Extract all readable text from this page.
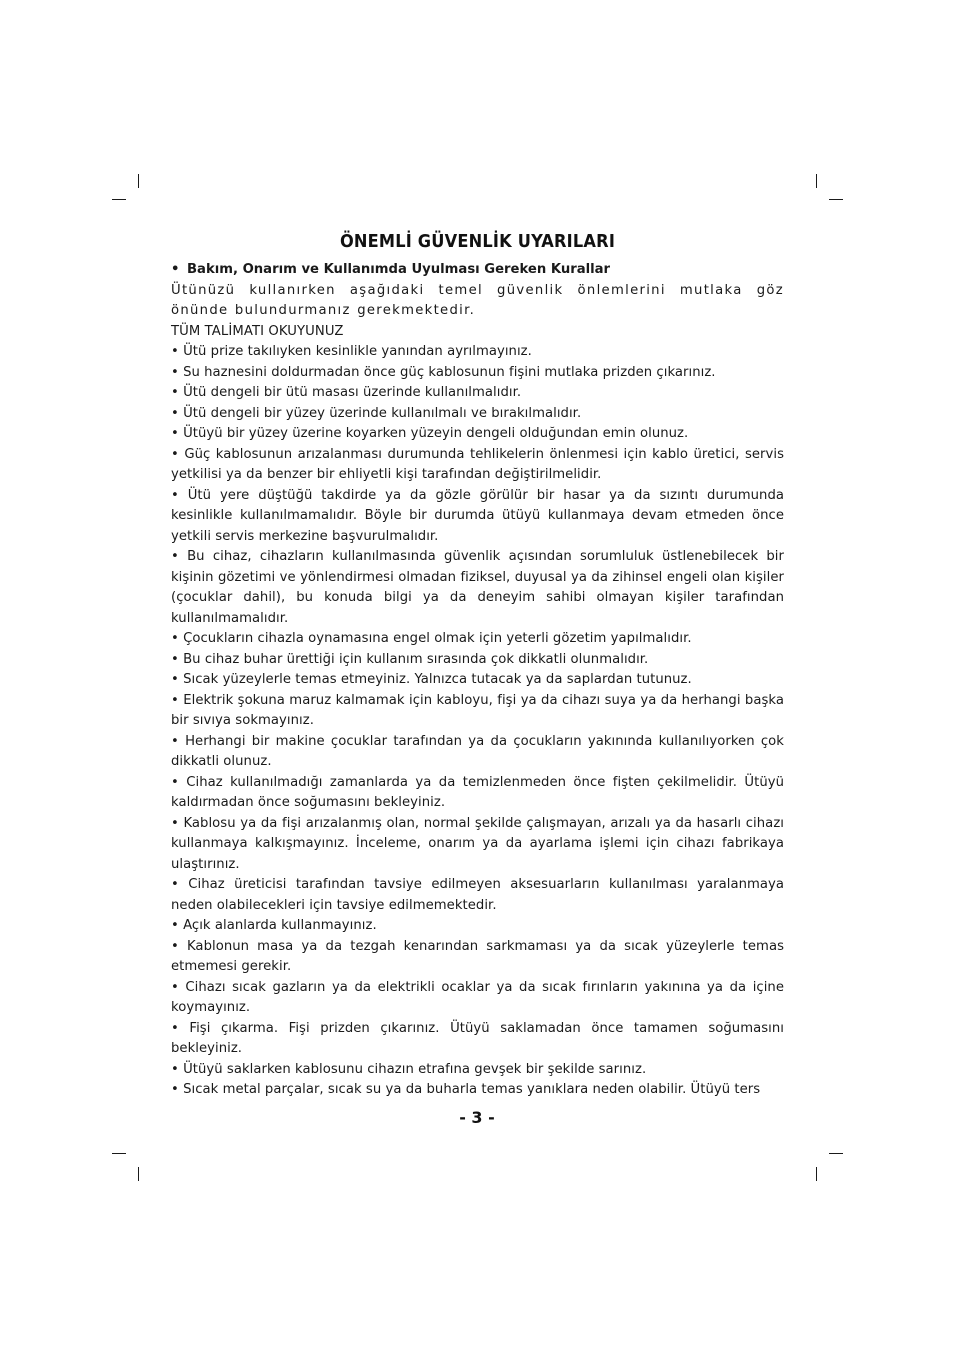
ÖNEMLİ GÜVENLİK UYARILARI

• Bakım, Onarım ve Kullanımda Uyulması Gereken Kurallar

Ütünüzü kullanırken aşağıdaki temel güvenlik önlemlerini mutlaka göz önünde bulundurmanız gerekmektedir.

TÜM TALİMATI OKUYUNUZ

• Ütü prize takılıyken kesinlikle yanından ayrılmayınız.
• Su haznesini doldurmadan önce güç kablosunun fişini mutlaka prizden çıkarınız.
• Ütü dengeli bir ütü masası üzerinde kullanılmalıdır.
• Ütü dengeli bir yüzey üzerinde kullanılmalı ve bırakılmalıdır.
• Ütüyü bir yüzey üzerine koyarken yüzeyin dengeli olduğundan emin olunuz.
• Güç kablosunun arızalanması durumunda tehlikelerin önlenmesi için kablo üretici, servis yetkilisi ya da benzer bir ehliyetli kişi tarafından değiştirilmelidir.
• Ütü yere düştüğü takdirde ya da gözle görülür bir hasar ya da sızıntı durumunda kesinlikle kullanılmamalıdır. Böyle bir durumda ütüyü kullanmaya devam etmeden önce yetkili servis merkezine başvurulmalıdır.
• Bu cihaz, cihazların kullanılmasında güvenlik açısından sorumluluk üstlenebilecek bir kişinin gözetimi ve yönlendirmesi olmadan fiziksel, duyusal ya da zihinsel engeli olan kişiler (çocuklar dahil), bu konuda bilgi ya da deneyim sahibi olmayan kişiler tarafından kullanılmamalıdır.
• Çocukların cihazla oynamasına engel olmak için yeterli gözetim yapılmalıdır.
• Bu cihaz buhar ürettiği için kullanım sırasında çok dikkatli olunmalıdır.
• Sıcak yüzeylerle temas etmeyiniz. Yalnızca tutacak ya da saplardan tutunuz.
• Elektrik şokuna maruz kalmamak için kabloyu, fişi ya da cihazı suya ya da herhangi başka bir sıvıya sokmayınız.
• Herhangi bir makine çocuklar tarafından ya da çocukların yakınında kullanılıyorken çok dikkatli olunuz.
• Cihaz kullanılmadığı zamanlarda ya da temizlenmeden önce fişten çekilmelidir. Ütüyü kaldırmadan önce soğumasını bekleyiniz.
• Kablosu ya da fişi arızalanmış olan, normal şekilde çalışmayan, arızalı ya da hasarlı cihazı kullanmaya kalkışmayınız. İnceleme, onarım ya da ayarlama işlemi için cihazı fabrikaya ulaştırınız.
• Cihaz üreticisi tarafından tavsiye edilmeyen aksesuarların kullanılması yaralanmaya neden olabilecekleri için tavsiye edilmemektedir.
• Açık alanlarda kullanmayınız.
• Kablonun masa ya da tezgah kenarından sarkmaması ya da sıcak yüzeylerle temas etmemesi gerekir.
• Cihazı sıcak gazların ya da elektrikli ocaklar ya da sıcak fırınların yakınına ya da içine koymayınız.
• Fişi çıkarma. Fişi prizden çıkarınız. Ütüyü saklamadan önce tamamen soğumasını bekleyiniz.
• Ütüyü saklarken kablosunu cihazın etrafına gevşek bir şekilde sarınız.
• Sıcak metal parçalar, sıcak su ya da buharla temas yanıklara neden olabilir. Ütüyü ters
- 3 -
